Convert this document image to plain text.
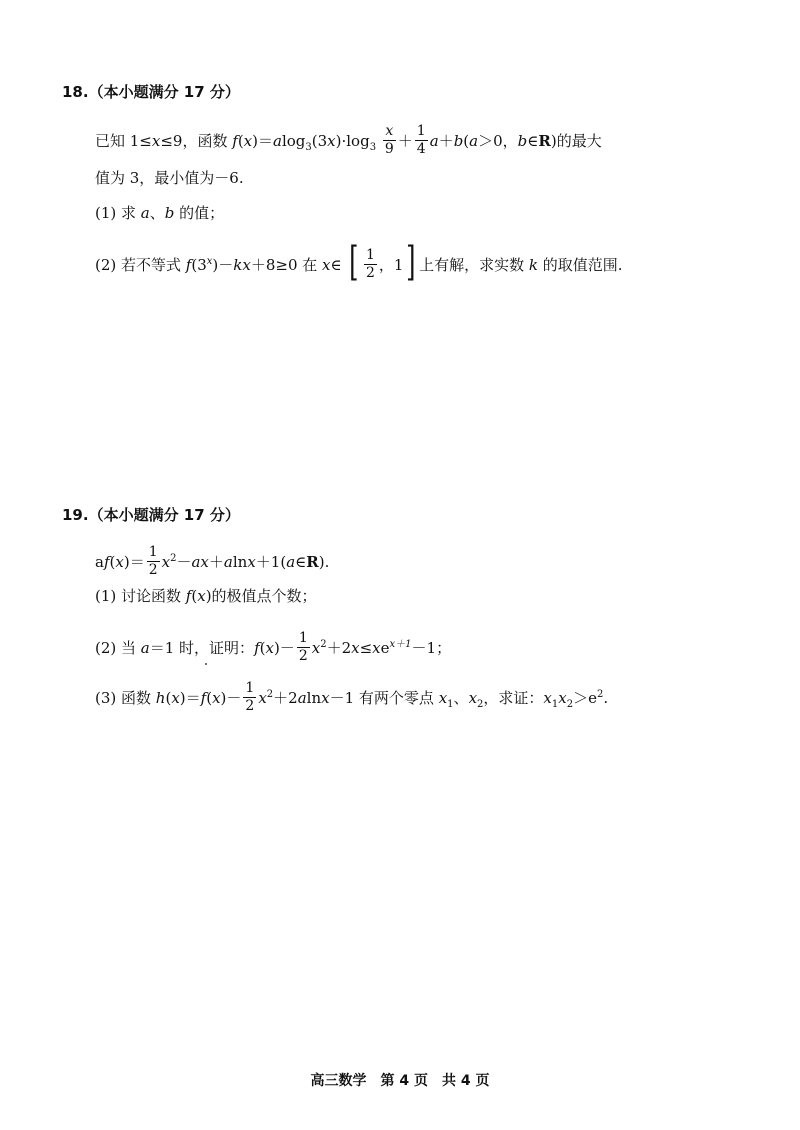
18.（本小题满分 17 分）
已知 1≤x≤9，函数 $f(x)=alog_3(3x)\cdot\log_3 \frac{x}{9} + \frac{1}{4} a+b(a>0$，b∈R)的最大
值为 3，最小值为－6.
(1) 求 a、b 的值；
(2) 若不等式 $f(3^x)-kx+8\ge 0$ 在 x∈ [ $\frac{1}{2}$ ，1] 上有解，求实数 k 的取值范围.
19.（本小题满分 17 分）
$af(x)= \frac{1}{2}$ $x^2-ax+alnx+1(a\in R)$.
(1) 讨论函数 f(x)的极值点个数；
(2) 当 a＝1 时，证明：$f(x)- \frac{1}{2} x^2+2x\le xe^{x+1}-1$；
(3) 函数 $h(x)=f(x)- \frac{1}{2} x^2+2alnx-1$ 有两个零点 $x_1$、$x_2$，求证：$x_1x_2>e^2$.
高三数学　第 4 页　共 4 页
